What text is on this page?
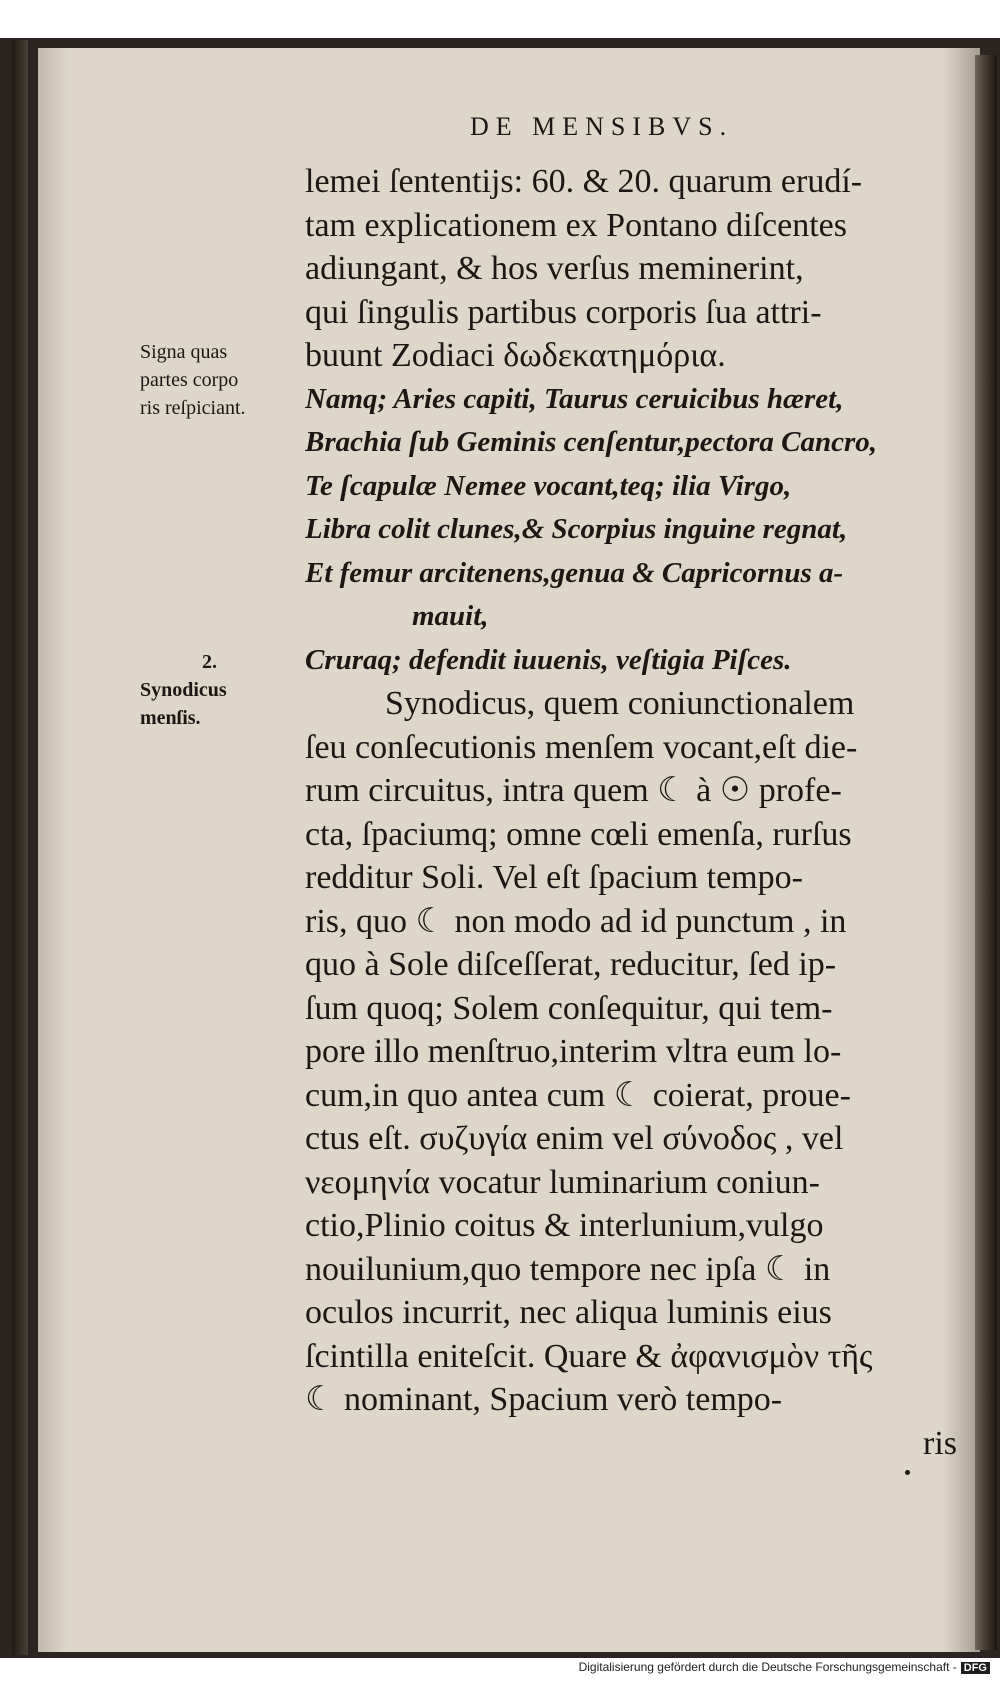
DE MENSIBVS.
Signa quas
partes corpo
ris reſpiciant.
2.
Synodicus
menſis.
lemei ſententijs: 60. & 20. quarum erudí-
tam explicationem ex Pontano diſcentes
adiungant, & hos verſus meminerint,
qui ſingulis partibus corporis ſua attri-
buunt Zodiaci δωδεκατημόρια.
Namq; Aries capiti, Taurus ceruicibus hæret,
Brachia ſub Geminis cenſentur,pectora Cancro,
Te ſcapulæ Nemee vocant,teq; ilia Virgo,
Libra colit clunes,& Scorpius inguine regnat,
Et femur arcitenens,genua & Capricornus a-
mauit,
Cruraq; defendit iuuenis, veſtigia Piſces.
Synodicus, quem coniunctionalem
ſeu conſecutionis menſem vocant,eſt die-
rum circuitus, intra quem ☾ à ☉ profe-
cta, ſpaciumq; omne cœli emenſa, rurſus
redditur Soli. Vel eſt ſpacium tempo-
ris, quo ☾ non modo ad id punctum , in
quo à Sole diſceſſerat, reducitur, ſed ip-
ſum quoq; Solem conſequitur, qui tem-
pore illo menſtruo,interim vltra eum lo-
cum,in quo antea cum ☾ coierat, proue-
ctus eſt. συζυγία enim vel σύνοδος , vel
νεομηνία vocatur luminarium coniun-
ctio,Plinio coitus & interlunium,vulgo
nouilunium,quo tempore nec ipſa ☾ in
oculos incurrit, nec aliqua luminis eius
ſcintilla eniteſcit. Quare & ἀφανισμὸν τῆς
☾ nominant, Spacium verò tempo-
ris
Digitalisierung gefördert durch die Deutsche Forschungsgemeinschaft - DFG
